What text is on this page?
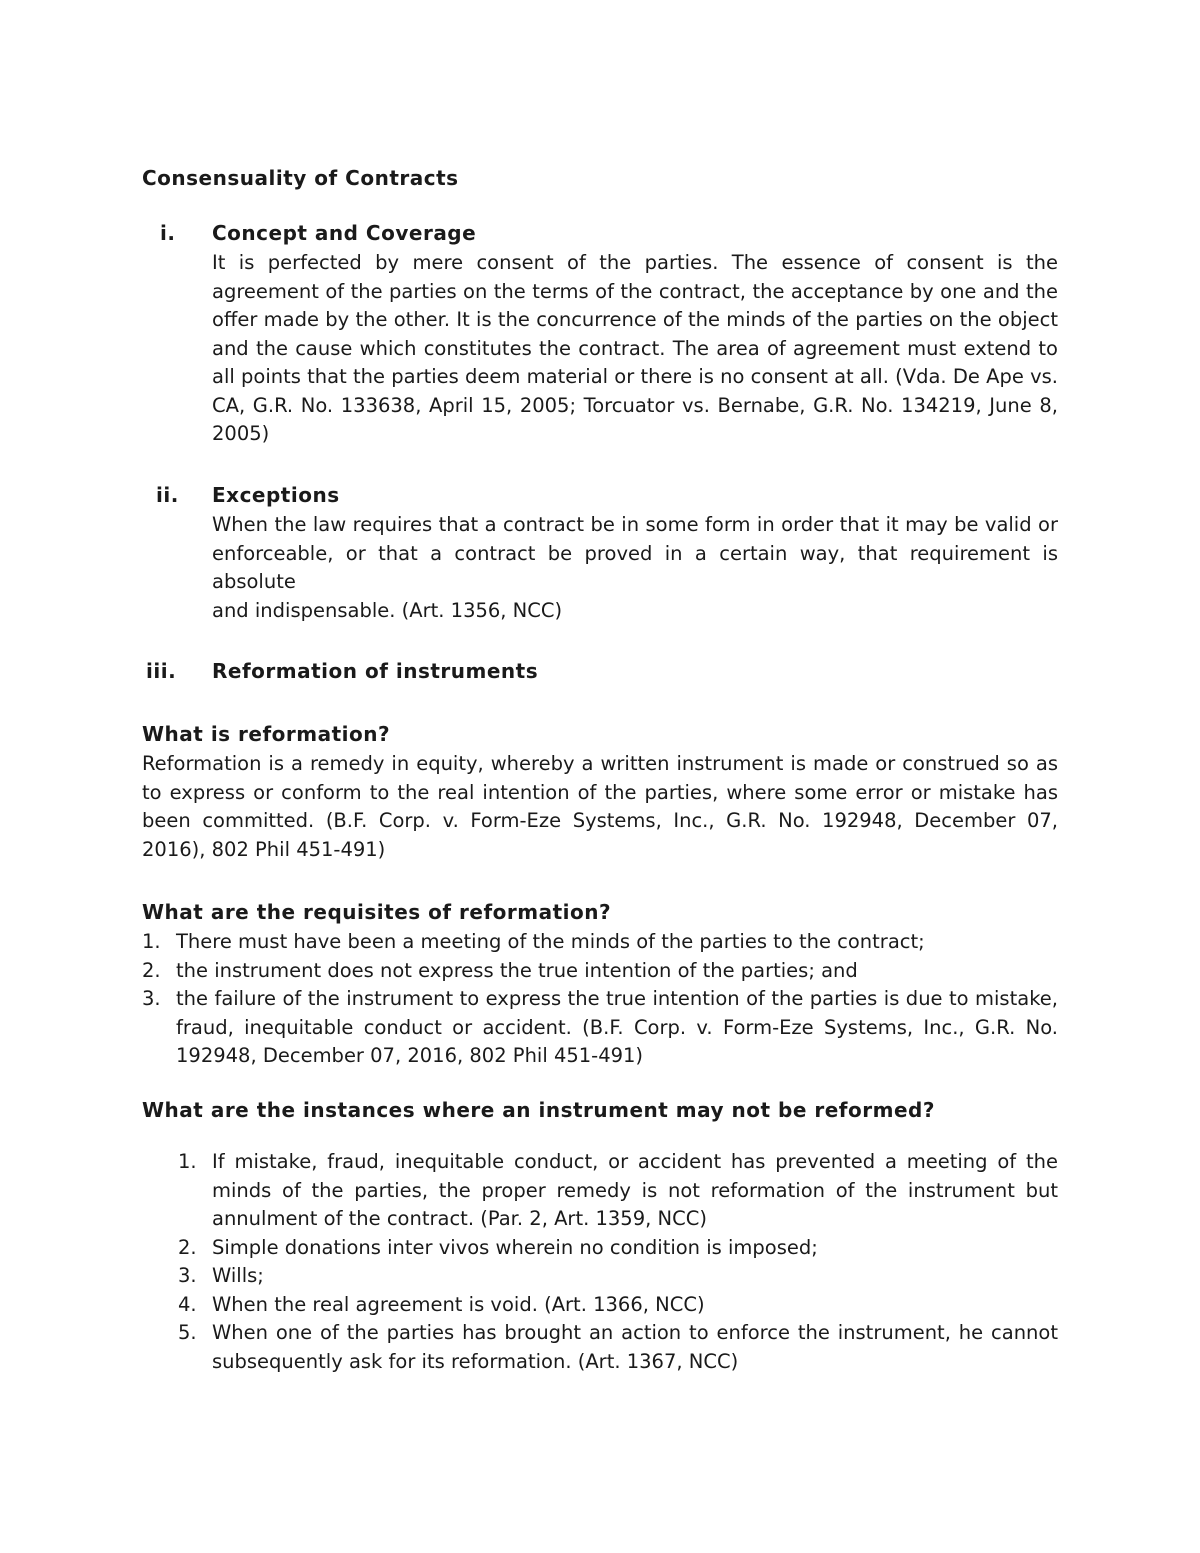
Consensuality of Contracts
i.	Concept and Coverage
It is perfected by mere consent of the parties. The essence of consent is the agreement of the parties on the terms of the contract, the acceptance by one and the offer made by the other. It is the concurrence of the minds of the parties on the object and the cause which constitutes the contract. The area of agreement must extend to all points that the parties deem material or there is no consent at all. (Vda. De Ape vs. CA, G.R. No. 133638, April 15, 2005; Torcuator vs. Bernabe, G.R. No. 134219, June 8, 2005)
ii.	Exceptions
When the law requires that a contract be in some form in order that it may be valid or enforceable, or that a contract be proved in a certain way, that requirement is absolute
and indispensable. (Art. 1356, NCC)
iii.	Reformation of instruments
What is reformation?
Reformation is a remedy in equity, whereby a written instrument is made or construed so as to express or conform to the real intention of the parties, where some error or mistake has been committed. (B.F. Corp. v. Form-Eze Systems, Inc., G.R. No. 192948, December 07, 2016), 802 Phil 451-491)
What are the requisites of reformation?
1. There must have been a meeting of the minds of the parties to the contract;
2. the instrument does not express the true intention of the parties; and
3. the failure of the instrument to express the true intention of the parties is due to mistake, fraud, inequitable conduct or accident. (B.F. Corp. v. Form-Eze Systems, Inc., G.R. No. 192948, December 07, 2016, 802 Phil 451-491)
What are the instances where an instrument may not be reformed?
1. If mistake, fraud, inequitable conduct, or accident has prevented a meeting of the minds of the parties, the proper remedy is not reformation of the instrument but annulment of the contract. (Par. 2, Art. 1359, NCC)
2. Simple donations inter vivos wherein no condition is imposed;
3. Wills;
4. When the real agreement is void. (Art. 1366, NCC)
5. When one of the parties has brought an action to enforce the instrument, he cannot subsequently ask for its reformation. (Art. 1367, NCC)
